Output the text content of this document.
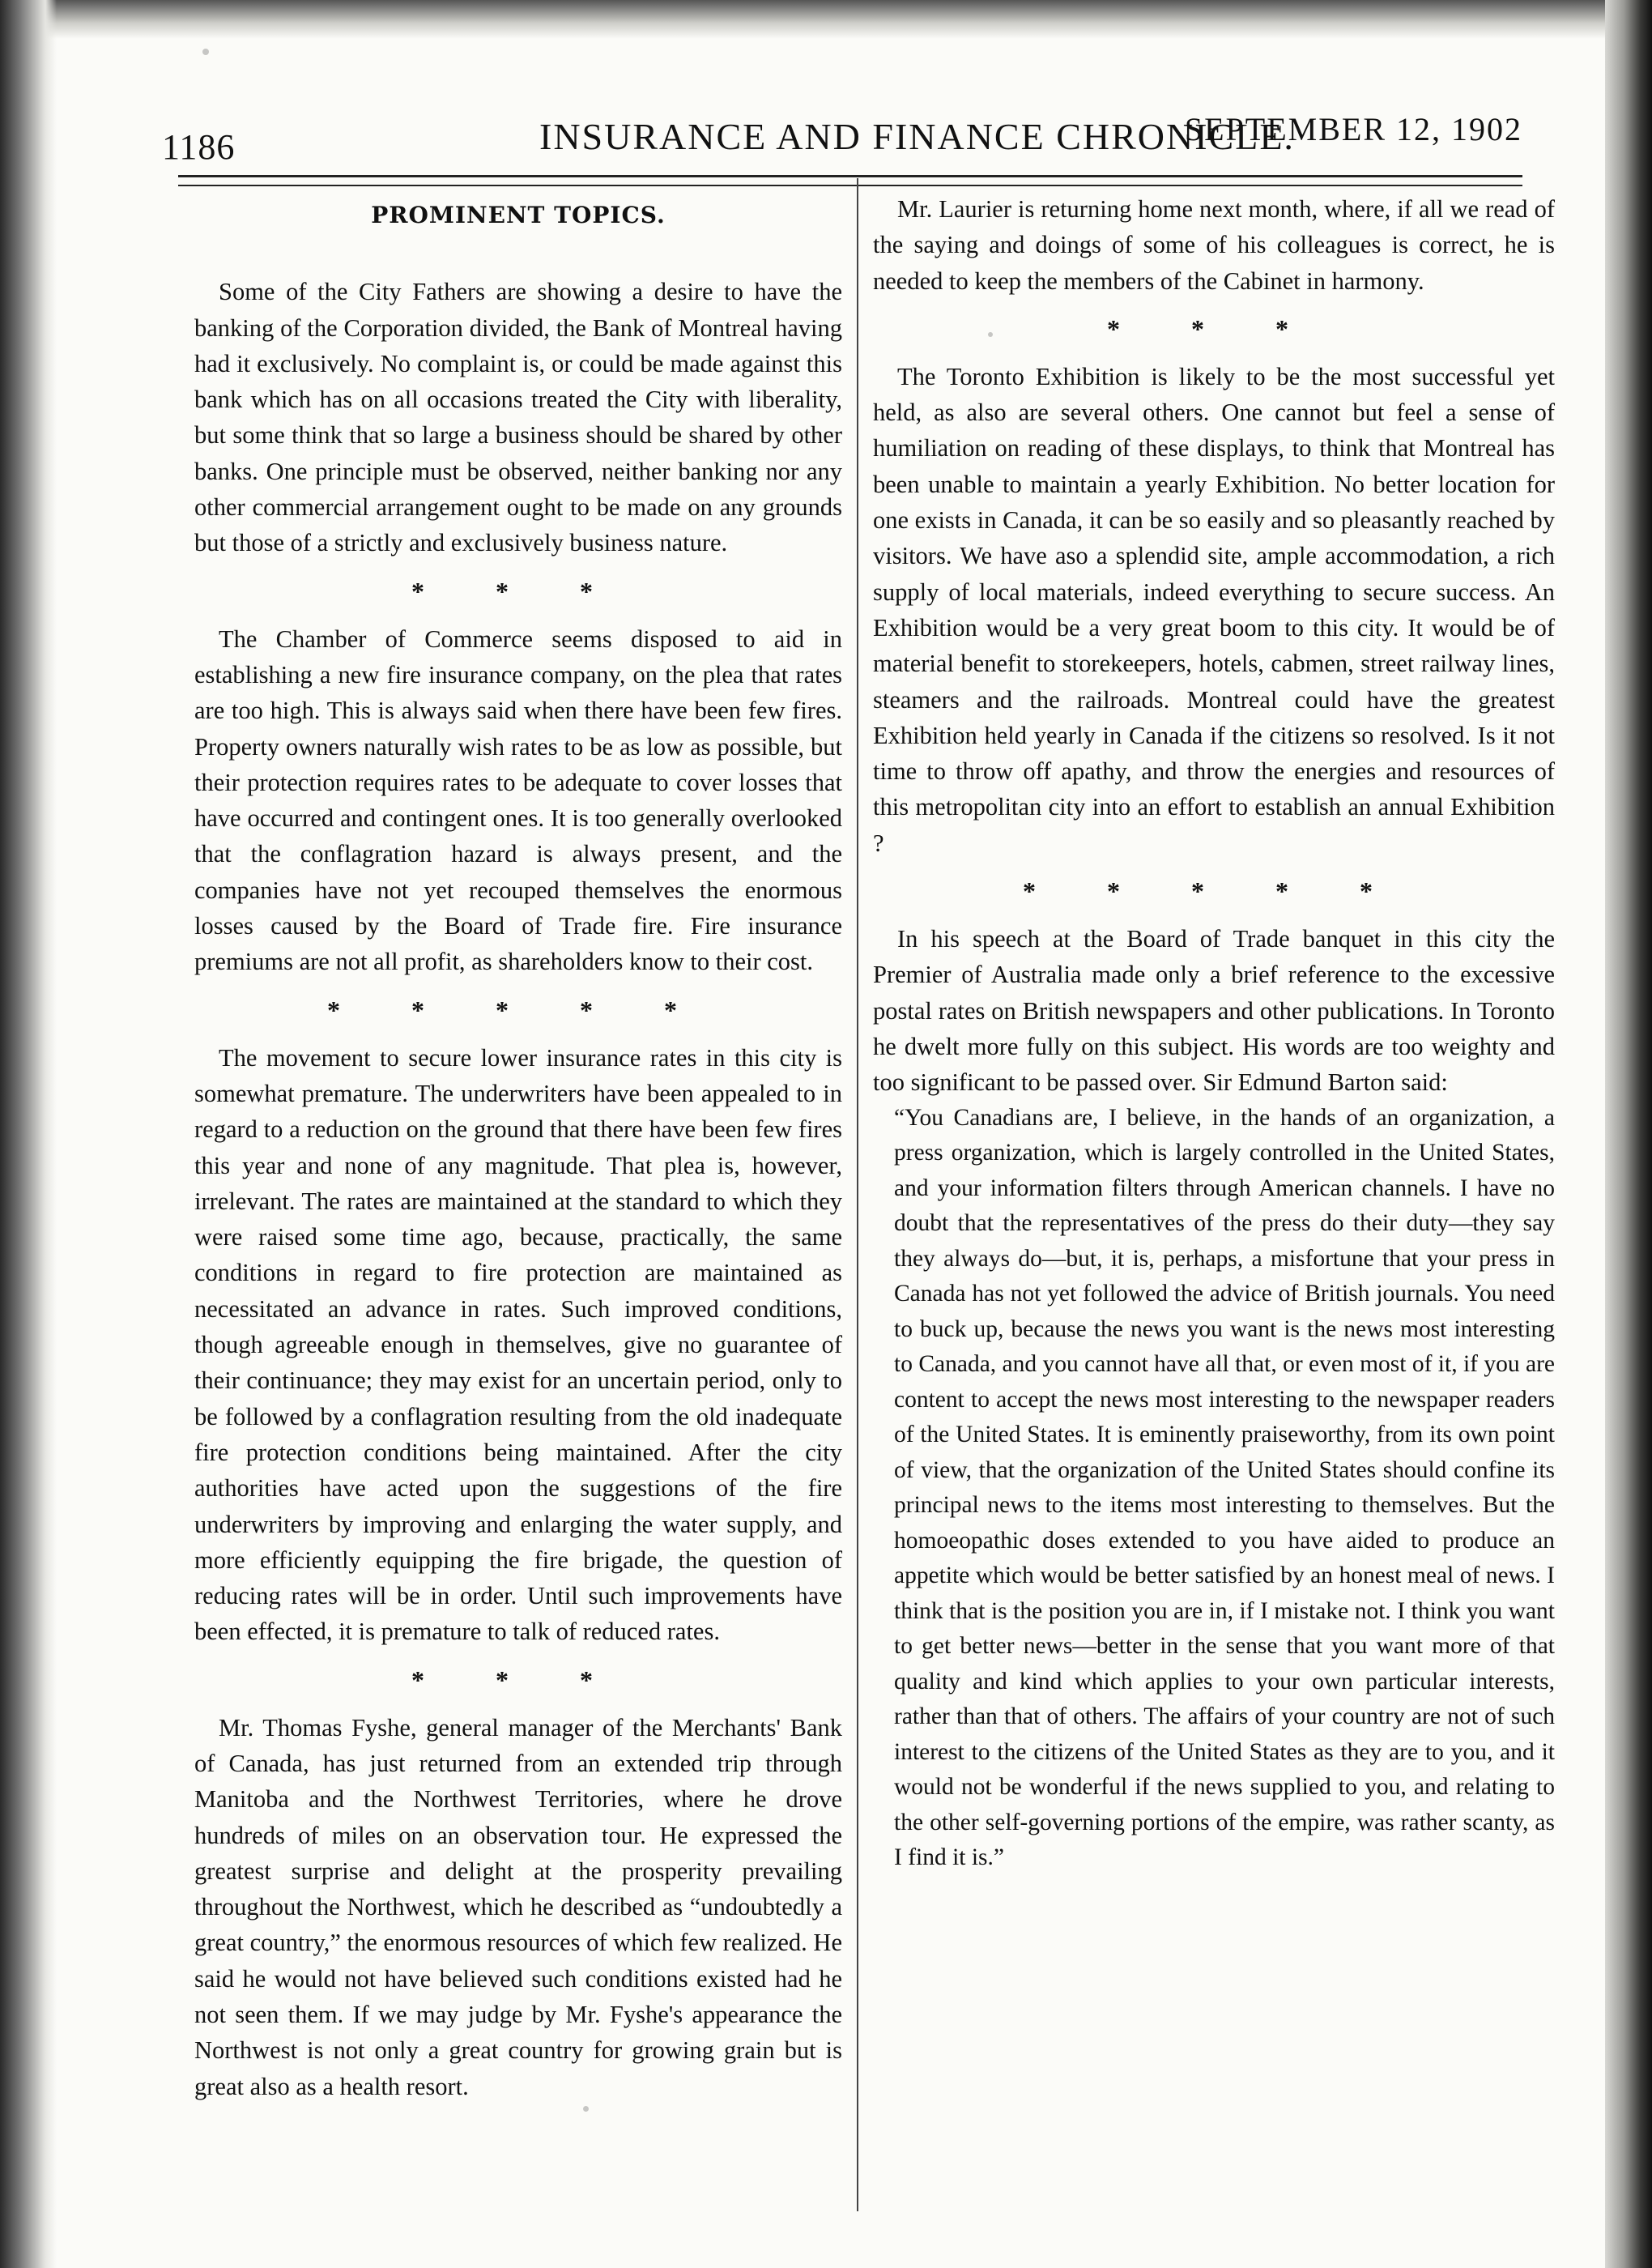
1186	INSURANCE AND FINANCE CHRONICLE.
SEPTEMBER 12, 1902
PROMINENT TOPICS.

Some of the City Fathers are showing a desire to have the banking of the Corporation divided, the Bank of Montreal having had it exclusively. No complaint is, or could be made against this bank which has on all occasions treated the City with liberality, but some think that so large a business should be shared by other banks. One principle must be observed, neither banking nor any other commercial arrangement ought to be made on any grounds but those of a strictly and exclusively business nature.

* * *

The Chamber of Commerce seems disposed to aid in establishing a new fire insurance company, on the plea that rates are too high. This is always said when there have been few fires. Property owners naturally wish rates to be as low as possible, but their protection requires rates to be adequate to cover losses that have occurred and contingent ones. It is too generally overlooked that the conflagration hazard is always present, and the companies have not yet recouped themselves the enormous losses caused by the Board of Trade fire. Fire insurance premiums are not all profit, as shareholders know to their cost.

* * * * *

The movement to secure lower insurance rates in this city is somewhat premature. The underwriters have been appealed to in regard to a reduction on the ground that there have been few fires this year and none of any magnitude. That plea is, however, irrelevant. The rates are maintained at the standard to which they were raised some time ago, because, practically, the same conditions in regard to fire protection are maintained as necessitated an advance in rates. Such improved conditions, though agreeable enough in themselves, give no guarantee of their continuance; they may exist for an uncertain period, only to be followed by a conflagration resulting from the old inadequate fire protection conditions being maintained. After the city authorities have acted upon the suggestions of the fire underwriters by improving and enlarging the water supply, and more efficiently equipping the fire brigade, the question of reducing rates will be in order. Until such improvements have been effected, it is premature to talk of reduced rates.

* * *

Mr. Thomas Fyshe, general manager of the Merchants' Bank of Canada, has just returned from an extended trip through Manitoba and the Northwest Territories, where he drove hundreds of miles on an observation tour. He expressed the greatest surprise and delight at the prosperity prevailing throughout the Northwest, which he described as “undoubtedly a great country,” the enormous resources of which few realized. He said he would not have believed such conditions existed had he not seen them. If we may judge by Mr. Fyshe's appearance the Northwest is not only a great country for growing grain but is great also as a health resort.

Mr. Laurier is returning home next month, where, if all we read of the saying and doings of some of his colleagues is correct, he is needed to keep the members of the Cabinet in harmony.

* * *

The Toronto Exhibition is likely to be the most successful yet held, as also are several others. One cannot but feel a sense of humiliation on reading of these displays, to think that Montreal has been unable to maintain a yearly Exhibition. No better location for one exists in Canada, it can be so easily and so pleasantly reached by visitors. We have aso a splendid site, ample accommodation, a rich supply of local materials, indeed everything to secure success. An Exhibition would be a very great boom to this city. It would be of material benefit to storekeepers, hotels, cabmen, street railway lines, steamers and the railroads. Montreal could have the greatest Exhibition held yearly in Canada if the citizens so resolved. Is it not time to throw off apathy, and throw the energies and resources of this metropolitan city into an effort to establish an annual Exhibition ?

* * * * *

In his speech at the Board of Trade banquet in this city the Premier of Australia made only a brief reference to the excessive postal rates on British newspapers and other publications. In Toronto he dwelt more fully on this subject. His words are too weighty and too significant to be passed over. Sir Edmund Barton said:

“You Canadians are, I believe, in the hands of an organization, a press organization, which is largely controlled in the United States, and your information filters through American channels. I have no doubt that the representatives of the press do their duty—they say they always do—but, it is, perhaps, a misfortune that your press in Canada has not yet followed the advice of British journals. You need to buck up, because the news you want is the news most interesting to Canada, and you cannot have all that, or even most of it, if you are content to accept the news most interesting to the newspaper readers of the United States. It is eminently praiseworthy, from its own point of view, that the organization of the United States should confine its principal news to the items most interesting to themselves. But the homoeopathic doses extended to you have aided to produce an appetite which would be better satisfied by an honest meal of news. I think that is the position you are in, if I mistake not. I think you want to get better news—better in the sense that you want more of that quality and kind which applies to your own particular interests, rather than that of others. The affairs of your country are not of such interest to the citizens of the United States as they are to you, and it would not be wonderful if the news supplied to you, and relating to the other self-governing portions of the empire, was rather scanty, as I find it is.”
